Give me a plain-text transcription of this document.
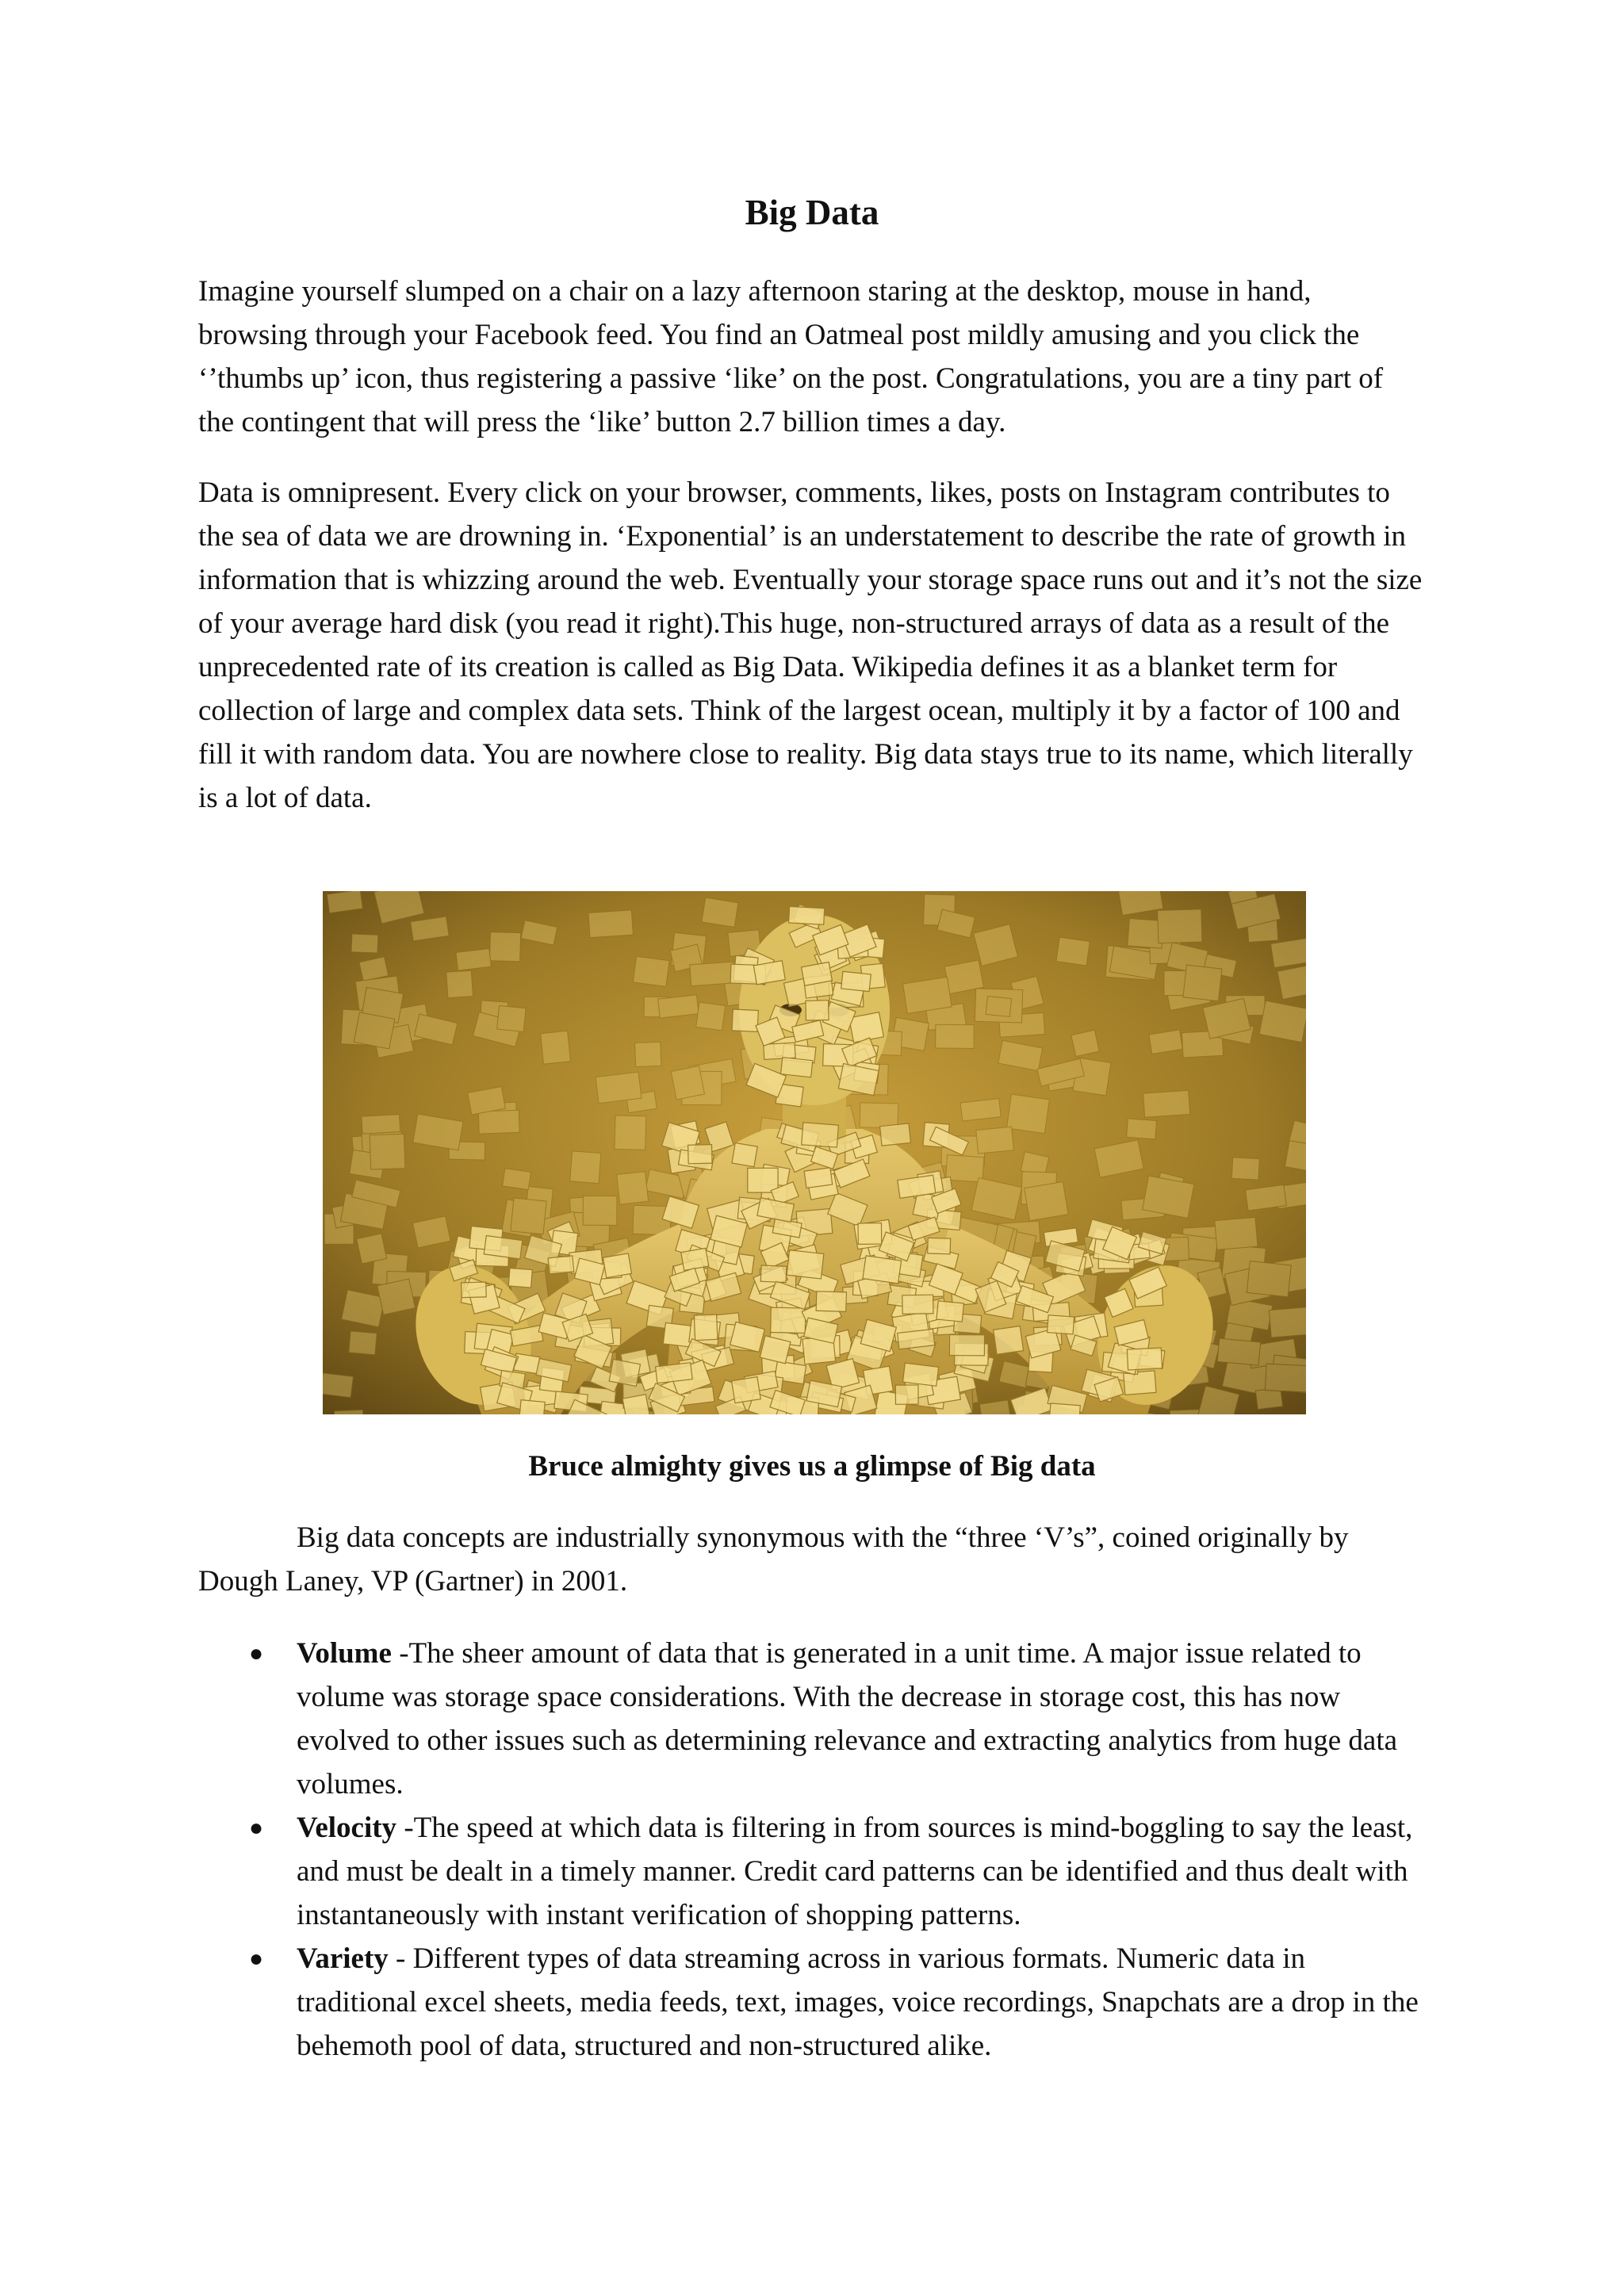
Big Data

Imagine yourself slumped on a chair on a lazy afternoon staring at the desktop, mouse in hand, browsing through your Facebook feed. You find an Oatmeal post mildly amusing and you click the ‘’thumbs up’ icon, thus registering a passive ‘like’ on the post. Congratulations, you are a tiny part of the contingent that will press the ‘like’ button 2.7 billion times a day.

Data is omnipresent. Every click on your browser, comments, likes, posts on Instagram contributes to the sea of data we are drowning in. ‘Exponential’ is an understatement to describe the rate of growth in information that is whizzing around the web. Eventually your storage space runs out and it’s not the size of your average hard disk (you read it right).This huge, non-structured arrays of data as a result of the unprecedented rate of its creation is called as Big Data. Wikipedia defines it as a blanket term for collection of large and complex data sets. Think of the largest ocean, multiply it by a factor of 100 and fill it with random data. You are nowhere close to reality. Big data stays true to its name, which literally is a lot of data.

Bruce almighty gives us a glimpse of Big data

Big data concepts are industrially synonymous with the “three ‘V’s”, coined originally by Dough Laney, VP (Gartner) in 2001.

● Volume -The sheer amount of data that is generated in a unit time. A major issue related to volume was storage space considerations. With the decrease in storage cost, this has now evolved to other issues such as determining relevance and extracting analytics from huge data volumes.
● Velocity -The speed at which data is filtering in from sources is mind-boggling to say the least, and must be dealt in a timely manner. Credit card patterns can be identified and thus dealt with instantaneously with instant verification of shopping patterns.
● Variety - Different types of data streaming across in various formats. Numeric data in traditional excel sheets, media feeds, text, images, voice recordings, Snapchats are a drop in the behemoth pool of data, structured and non-structured alike.
